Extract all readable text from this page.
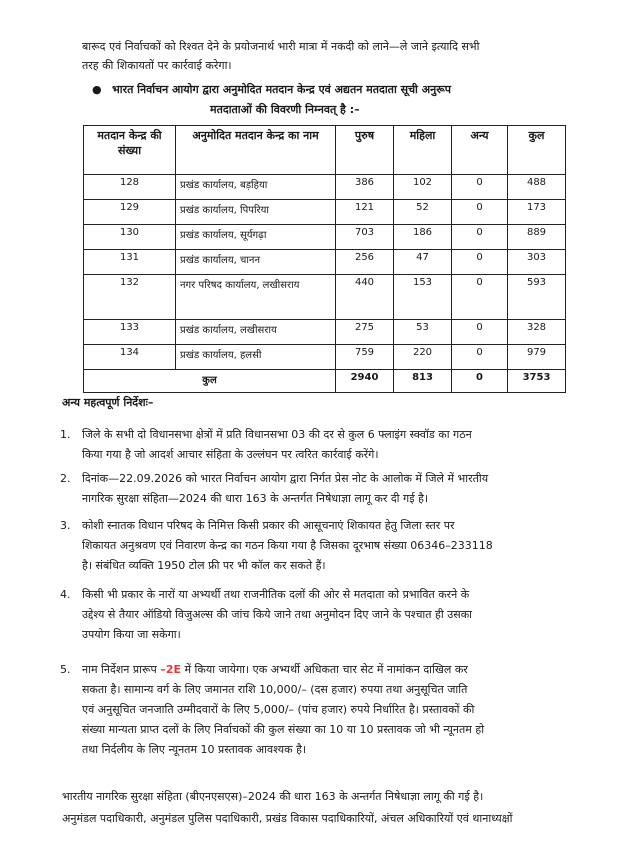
बारूद एवं निर्वाचकों को रिश्वत देने के प्रयोजनार्थ भारी मात्रा में नकदी को लाने—ले जाने इत्यादि सभी
तरह की शिकायतों पर कार्रवाई करेगा।
● भारत निर्वाचन आयोग द्वारा अनुमोदित मतदान केन्द्र एवं अद्यतन मतदाता सूची अनुरूप
मतदाताओं की विवरणी निम्नवत् है :–
मतदान केन्द्र की संख्या	अनुमोदित मतदान केन्द्र का नाम	पुरुष	महिला	अन्य	कुल
128	प्रखंड कार्यालय, बड़हिया	386	102	0	488
129	प्रखंड कार्यालय, पिपरिया	121	52	0	173
130	प्रखंड कार्यालय, सूर्यगढ़ा	703	186	0	889
131	प्रखंड कार्यालय, चानन	256	47	0	303
132	नगर परिषद कार्यालय, लखीसराय	440	153	0	593
133	प्रखंड कार्यालय, लखीसराय	275	53	0	328
134	प्रखंड कार्यालय, हलसी	759	220	0	979
कुल		2940	813	0	3753
अन्य महत्वपूर्ण निर्देशः–
1. जिले के सभी दो विधानसभा क्षेत्रों में प्रति विधानसभा 03 की दर से कुल 6 फ्लाइंग स्क्वॉड का गठन
किया गया है जो आदर्श आचार संहिता के उल्लंघन पर त्वरित कार्रवाई करेंगे।
2. दिनांक—22.09.2026 को भारत निर्वाचन आयोग द्वारा निर्गत प्रेस नोट के आलोक में जिले में भारतीय
नागरिक सुरक्षा संहिता—2024 की धारा 163 के अन्तर्गत निषेधाज्ञा लागू कर दी गई है।
3. कोशी स्नातक विधान परिषद के निमित्त किसी प्रकार की आसूचनाएं शिकायत हेतु जिला स्तर पर
शिकायत अनुश्रवण एवं निवारण केन्द्र का गठन किया गया है जिसका दूरभाष संख्या 06346–233118
है। संबंधित व्यक्ति 1950 टोल फ्री पर भी कॉल कर सकते हैं।
4. किसी भी प्रकार के नारों या अभ्यर्थी तथा राजनीतिक दलों की ओर से मतदाता को प्रभावित करने के
उद्देश्य से तैयार ऑडियो विजुअल्स की जांच किये जाने तथा अनुमोदन दिए जाने के पश्चात ही उसका
उपयोग किया जा सकेगा।
5. नाम निर्देशन प्रारूप –2E में किया जायेगा। एक अभ्यर्थी अधिकता चार सेट में नामांकन दाखिल कर
सकता है। सामान्य वर्ग के लिए जमानत राशि 10,000/– (दस हजार) रुपया तथा अनुसूचित जाति
एवं अनुसूचित जनजाति उम्मीदवारों के लिए 5,000/– (पांच हजार) रुपये निर्धारित है। प्रस्तावकों की
संख्या मान्यता प्राप्त दलों के लिए निर्वाचकों की कुल संख्या का 10 या 10 प्रस्तावक जो भी न्यूनतम हो
तथा निर्दलीय के लिए न्यूनतम 10 प्रस्तावक आवश्यक है।
भारतीय नागरिक सुरक्षा संहिता (बीएनएसएस)–2024 की धारा 163 के अन्तर्गत निषेधाज्ञा लागू की गई है।
अनुमंडल पदाधिकारी, अनुमंडल पुलिस पदाधिकारी, प्रखंड विकास पदाधिकारियों, अंचल अधिकारियों एवं थानाध्यक्षों
